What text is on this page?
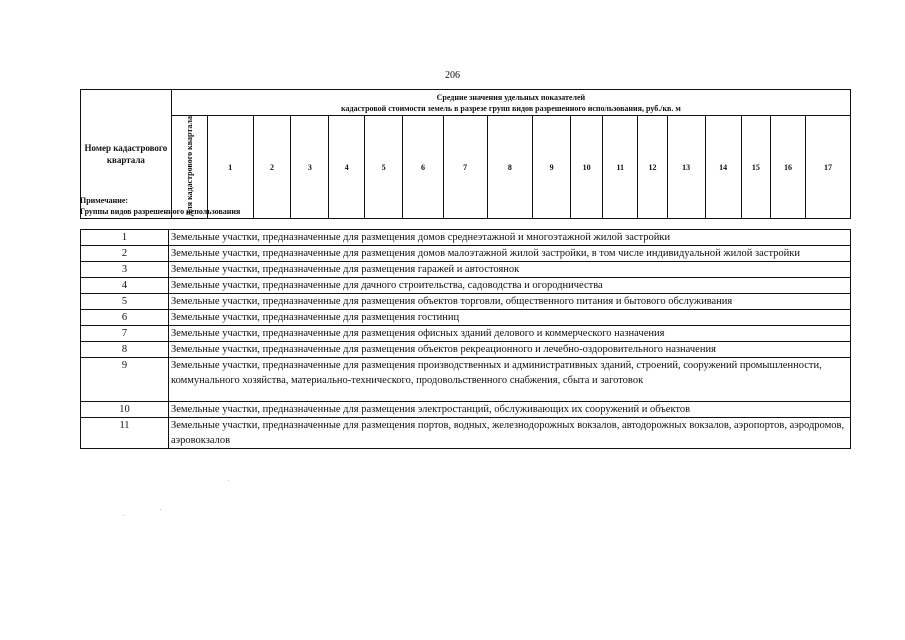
206
Номер кадастрового квартала	Средние значения удельных показателей
кадастровой стоимости земель в разрезе групп видов разрешенного использования, руб./кв. м																	

	Для кадастрового квартала	1	2	3	4	5	6	7	8	9	10	11	12	13	14	15	16	17
Примечание:
Группы видов разрешенного использования
1	Земельные участки, предназначенные для размещения домов среднеэтажной и многоэтажной жилой застройки
2	Земельные участки, предназначенные для размещения домов малоэтажной жилой застройки, в том числе индивидуальной жилой застройки
3	Земельные участки, предназначенные для размещения гаражей и автостоянок
4	Земельные участки, предназначенные для дачного строительства, садоводства и огородничества
5	Земельные участки, предназначенные для размещения объектов торговли, общественного питания и бытового обслуживания
6	Земельные участки, предназначенные для размещения гостиниц
7	Земельные участки, предназначенные для размещения офисных зданий делового и коммерческого назначения
8	Земельные участки, предназначенные для размещения объектов рекреационного и лечебно-оздоровительного назначения
9	Земельные участки, предназначенные для размещения производственных и административных зданий, строений, сооружений промышленности, коммунального хозяйства, материально-технического, продовольственного снабжения, сбыта и заготовок
10	Земельные участки, предназначенные для размещения электростанций, обслуживающих их сооружений и объектов
11	Земельные участки, предназначенные для размещения портов, водных, железнодорожных вокзалов, автодорожных вокзалов, аэропортов, аэродромов, аэровокзалов
